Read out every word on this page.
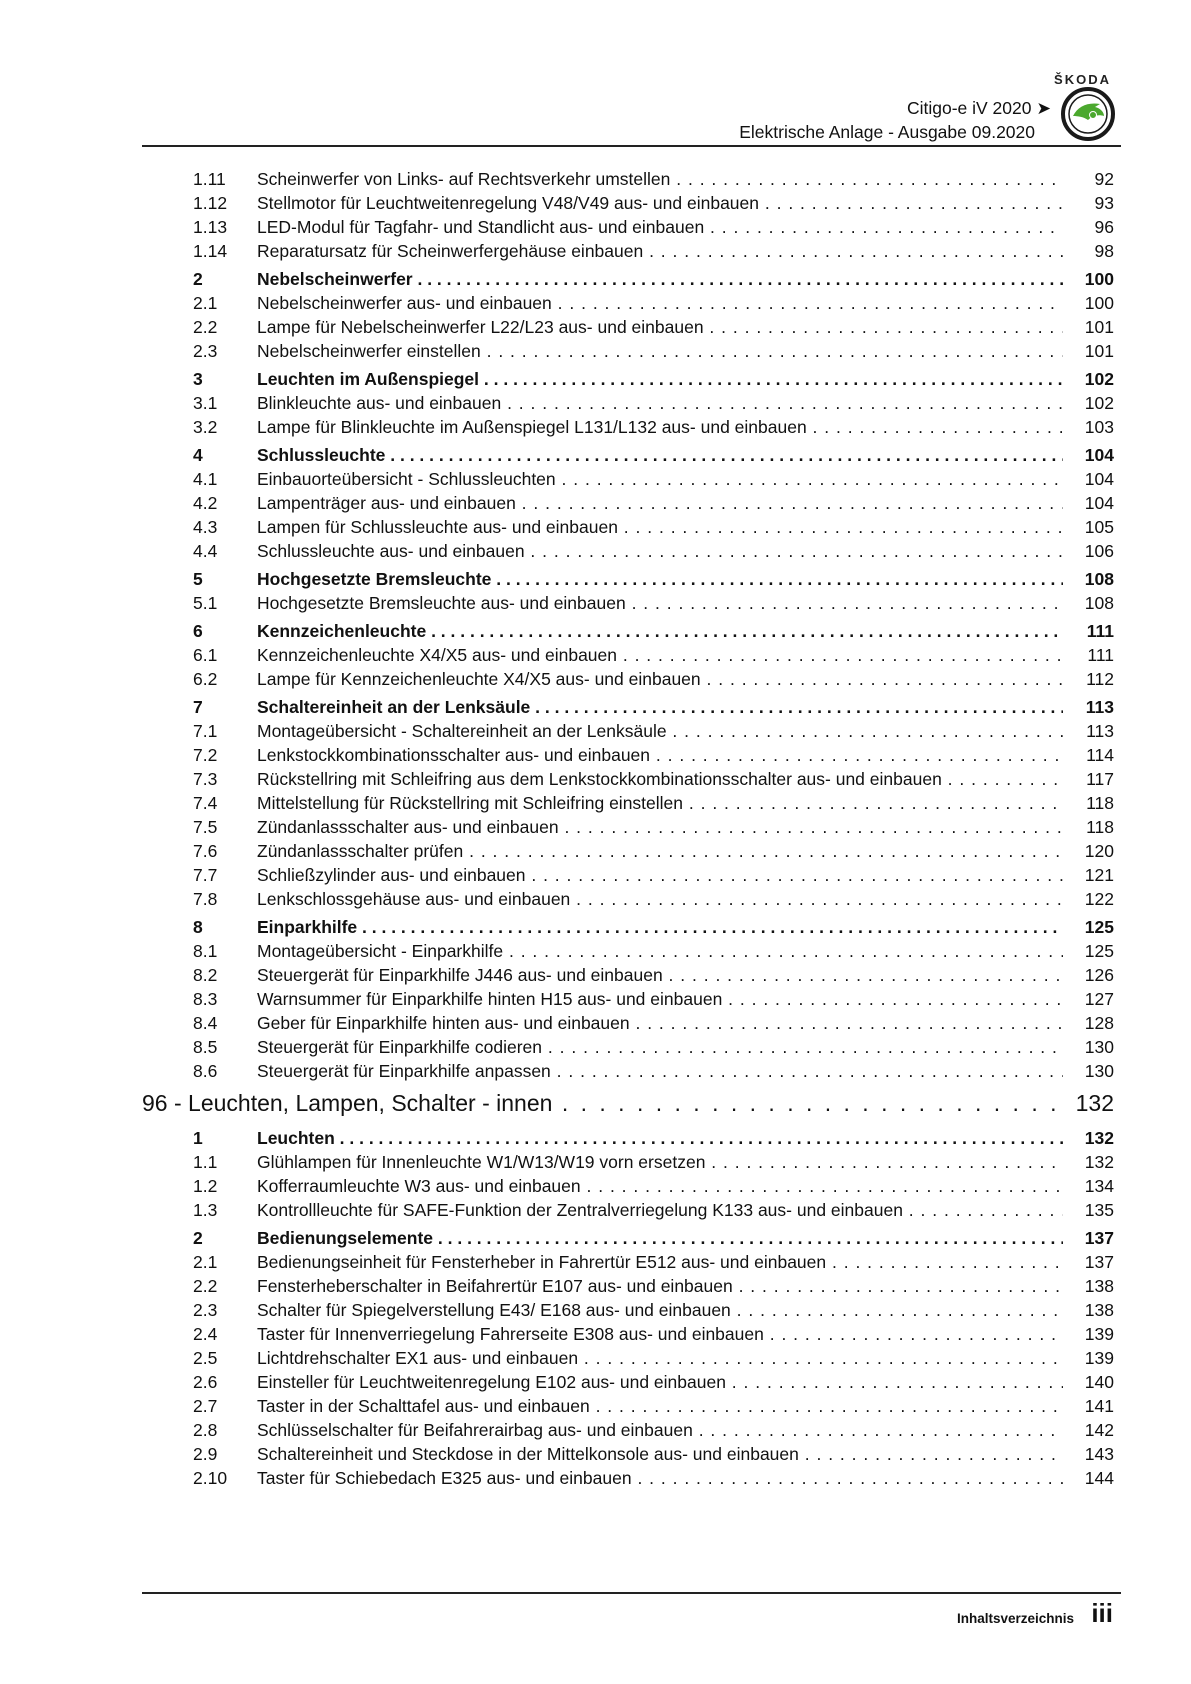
ŠKODA
Citigo-e iV 2020 ➤
Elektrische Anlage - Ausgabe 09.2020
1.11 Scheinwerfer von Links- auf Rechtsverkehr umstellen . . .	92
1.12 Stellmotor für Leuchtweitenregelung V48/V49 aus- und einbauen . . .	93
1.13 LED-Modul für Tagfahr- und Standlicht aus- und einbauen . . .	96
1.14 Reparatursatz für Scheinwerfergehäuse einbauen . . .	98
2	Nebelscheinwerfer . . .	100
2.1 Nebelscheinwerfer aus- und einbauen . . .	100
2.2 Lampe für Nebelscheinwerfer L22/L23 aus- und einbauen . . .	101
2.3 Nebelscheinwerfer einstellen . . .	101
3	Leuchten im Außenspiegel . . .	102
3.1 Blinkleuchte aus- und einbauen . . .	102
3.2 Lampe für Blinkleuchte im Außenspiegel L131/L132 aus- und einbauen . . .	103
4	Schlussleuchte . . .	104
4.1 Einbauorteübersicht - Schlussleuchten . . .	104
4.2 Lampenträger aus- und einbauen . . .	104
4.3 Lampen für Schlussleuchte aus- und einbauen . . .	105
4.4 Schlussleuchte aus- und einbauen . . .	106
5	Hochgesetzte Bremsleuchte . . .	108
5.1 Hochgesetzte Bremsleuchte aus- und einbauen . . .	108
6	Kennzeichenleuchte . . .	111
6.1 Kennzeichenleuchte X4/X5 aus- und einbauen . . .	111
6.2 Lampe für Kennzeichenleuchte X4/X5 aus- und einbauen . . .	112
7	Schaltereinheit an der Lenksäule . . .	113
7.1 Montageübersicht - Schaltereinheit an der Lenksäule . . .	113
7.2 Lenkstockkombinationsschalter aus- und einbauen . . .	114
7.3 Rückstellring mit Schleifring aus dem Lenkstockkombinationsschalter aus- und einbauen . . .	117
7.4 Mittelstellung für Rückstellring mit Schleifring einstellen . . .	118
7.5 Zündanlassschalter aus- und einbauen . . .	118
7.6 Zündanlassschalter prüfen . . .	120
7.7 Schließzylinder aus- und einbauen . . .	121
7.8 Lenkschlossgehäuse aus- und einbauen . . .	122
8	Einparkhilfe . . .	125
8.1 Montageübersicht - Einparkhilfe . . .	125
8.2 Steuergerät für Einparkhilfe J446 aus- und einbauen . . .	126
8.3 Warnsummer für Einparkhilfe hinten H15 aus- und einbauen . . .	127
8.4 Geber für Einparkhilfe hinten aus- und einbauen . . .	128
8.5 Steuergerät für Einparkhilfe codieren . . .	130
8.6 Steuergerät für Einparkhilfe anpassen . . .	130
96 - Leuchten, Lampen, Schalter - innen . . .	132
1	Leuchten . . .	132
1.1 Glühlampen für Innenleuchte W1/W13/W19 vorn ersetzen . . .	132
1.2 Kofferraumleuchte W3 aus- und einbauen . . .	134
1.3 Kontrollleuchte für SAFE-Funktion der Zentralverriegelung K133 aus- und einbauen . . .	135
2	Bedienungselemente . . .	137
2.1 Bedienungseinheit für Fensterheber in Fahrertür E512 aus- und einbauen . . .	137
2.2 Fensterheberschalter in Beifahrertür E107 aus- und einbauen . . .	138
2.3 Schalter für Spiegelverstellung E43/ E168 aus- und einbauen . . .	138
2.4 Taster für Innenverriegelung Fahrerseite E308 aus- und einbauen . . .	139
2.5 Lichtdrehschalter EX1 aus- und einbauen . . .	139
2.6 Einsteller für Leuchtweitenregelung E102 aus- und einbauen . . .	140
2.7 Taster in der Schalttafel aus- und einbauen . . .	141
2.8 Schlüsselschalter für Beifahrerairbag aus- und einbauen . . .	142
2.9 Schaltereinheit und Steckdose in der Mittelkonsole aus- und einbauen . . .	143
2.10 Taster für Schiebedach E325 aus- und einbauen . . .	144
Inhaltsverzeichnis iii
